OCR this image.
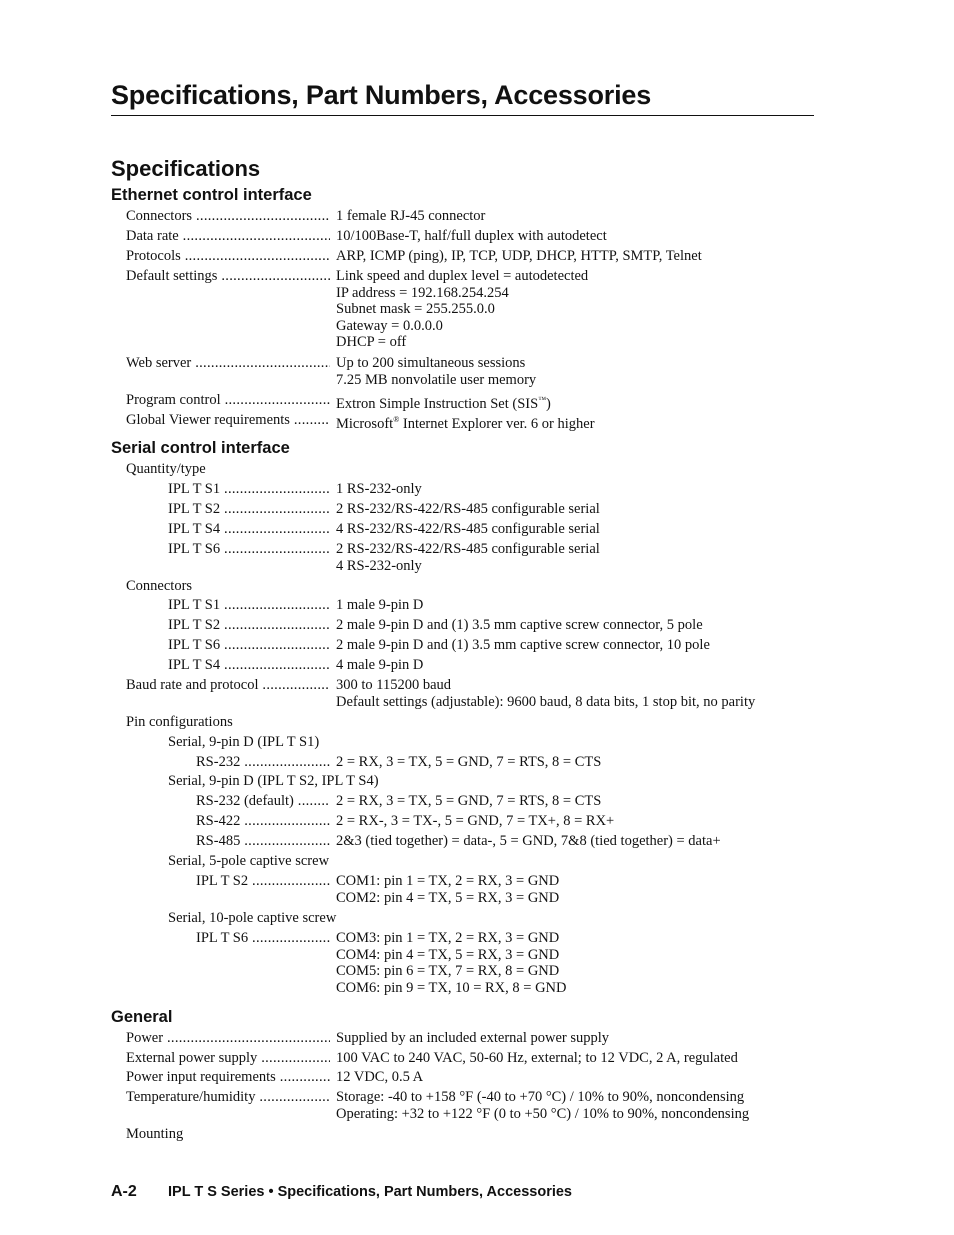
Specifications, Part Numbers, Accessories
Specifications
Ethernet control interface
Connectors .....	1 female RJ-45 connector
Data rate .....	10/100Base-T, half/full duplex with autodetect
Protocols .....	ARP, ICMP (ping), IP, TCP, UDP, DHCP, HTTP, SMTP, Telnet
Default settings .....	Link speed and duplex level = autodetected
IP address = 192.168.254.254
Subnet mask = 255.255.0.0
Gateway = 0.0.0.0
DHCP = off
Web server .....	Up to 200 simultaneous sessions
7.25 MB nonvolatile user memory
Program control .....	Extron Simple Instruction Set (SIS™)
Global Viewer requirements .....	Microsoft® Internet Explorer ver. 6 or higher
Serial control interface
Quantity/type
IPL T S1 .....	1 RS-232-only
IPL T S2 .....	2 RS-232/RS-422/RS-485 configurable serial
IPL T S4 .....	4 RS-232/RS-422/RS-485 configurable serial
IPL T S6 .....	2 RS-232/RS-422/RS-485 configurable serial
4 RS-232-only
Connectors
IPL T S1 .....	1 male 9-pin D
IPL T S2 .....	2 male 9-pin D and (1) 3.5 mm captive screw connector, 5 pole
IPL T S6 .....	2 male 9-pin D and (1) 3.5 mm captive screw connector, 10 pole
IPL T S4 .....	4 male 9-pin D
Baud rate and protocol .....	300 to 115200 baud
Default settings (adjustable): 9600 baud, 8 data bits, 1 stop bit, no parity
Pin configurations
Serial, 9-pin D (IPL T S1)
RS-232 .....	2 = RX, 3 = TX, 5 = GND, 7 = RTS, 8 = CTS
Serial, 9-pin D (IPL T S2, IPL T S4)
RS-232 (default) .....	2 = RX, 3 = TX, 5 = GND, 7 = RTS, 8 = CTS
RS-422 .....	2 = RX-, 3 = TX-, 5 = GND, 7 = TX+, 8 = RX+
RS-485 .....	2&3 (tied together) = data-, 5 = GND, 7&8 (tied together) = data+
Serial, 5-pole captive screw
IPL T S2 .....	COM1: pin 1 = TX, 2 = RX, 3 = GND
COM2: pin 4 = TX, 5 = RX, 3 = GND
Serial, 10-pole captive screw
IPL T S6 .....	COM3: pin 1 = TX, 2 = RX, 3 = GND
COM4: pin 4 = TX, 5 = RX, 3 = GND
COM5: pin 6 = TX, 7 = RX, 8 = GND
COM6: pin 9 = TX, 10 = RX, 8 = GND
General
Power .....	Supplied by an included external power supply
External power supply .....	100 VAC to 240 VAC, 50-60 Hz, external; to 12 VDC, 2 A, regulated
Power input requirements .....	12 VDC, 0.5 A
Temperature/humidity .....	Storage: -40 to +158 °F (-40 to +70 °C) / 10% to 90%, noncondensing
Operating: +32 to +122 °F (0 to +50 °C) / 10% to 90%, noncondensing
Mounting
A-2 IPL T S Series • Specifications, Part Numbers, Accessories
